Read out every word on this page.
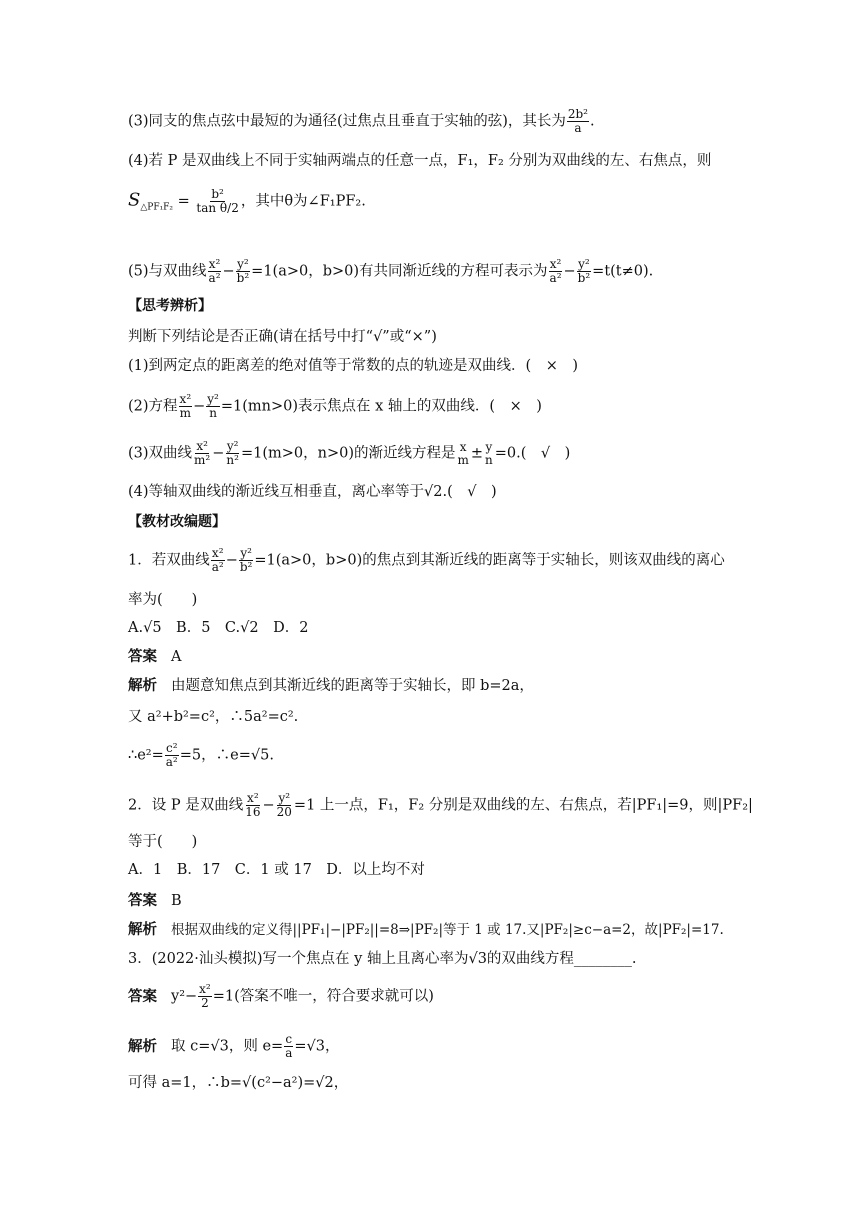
(3)同支的焦点弦中最短的为通径(过焦点且垂直于实轴的弦)，其长为 $\frac{\text{2b²}}{a}$ .
(4)若 P 是双曲线上不同于实轴两端点的任意一点，F₁，F₂ 分别为双曲线的左、右焦点，则
$S_{\triangle PF_1F_2} = \frac{\text{b²}}{\text{tan θ/2}}$ ，其中θ为∠F₁PF₂.
(5)与双曲线 $\frac{\text{x²}}{\text{a²}} - \frac{\text{y²}}{\text{b²}} =1(a>0$，b>0)有共同渐近线的方程可表示为 $\frac{\text{x²}}{\text{a²}} - \frac{\text{y²}}{\text{b²}} =t(t\ne 0)$.
【思考辨析】
判断下列结论是否正确(请在括号中打“√”或“×”)
(1)到两定点的距离差的绝对值等于常数的点的轨迹是双曲线．(　×　)
(2)方程 $\frac{\text{x²}}{m} - \frac{\text{y²}}{n} =1(mn>0)$表示焦点在 x 轴上的双曲线．(　×　)
(3)双曲线 $\frac{\text{x²}}{\text{m²}} - \frac{\text{y²}}{\text{n²}} =1(m>0$，n>0)的渐近线方程是 x
m ± y
n =0.(　√　)
(4)等轴双曲线的渐近线互相垂直，离心率等于√2.(　√　)
【教材改编题】
1．若双曲线 $\frac{\text{x²}}{\text{a²}} - \frac{\text{y²}}{\text{b²}} =1(a>0$，b>0)的焦点到其渐近线的距离等于实轴长，则该双曲线的离心
率为(　　)
A.√5　B．5　C.√2　D．2
答案 A
解析 由题意知焦点到其渐近线的距离等于实轴长，即 b=2a，
又 a²+b²=c²，∴5a²=c².
∴e²= $\frac{\text{c²}}{\text{a²}} =5$，∴e=√5.
2．设 P 是双曲线 $\frac{\text{x²}}{16} - \frac{\text{y²}}{20} =1$ 上一点，F₁，F₂ 分别是双曲线的左、右焦点，若|PF₁|=9，则|PF₂|
等于(　　)
A．1　B．17　C．1 或 17　D．以上均不对
答案 B
解析 根据双曲线的定义得||PF₁|−|PF₂||=8⇒|PF₂|等于 1 或 17.又|PF₂|≥c−a=2，故|PF₂|=17.
3．(2022·汕头模拟)写一个焦点在 y 轴上且离心率为√3的双曲线方程________.
答案 $y^2- \frac{\text{x²}}{2} =1$(答案不唯一，符合要求就可以)
解析 取 c=√3，则 $e= \frac{c}{a} =√3$，
可得 a=1，∴b=√(c²−a²)=√2，
